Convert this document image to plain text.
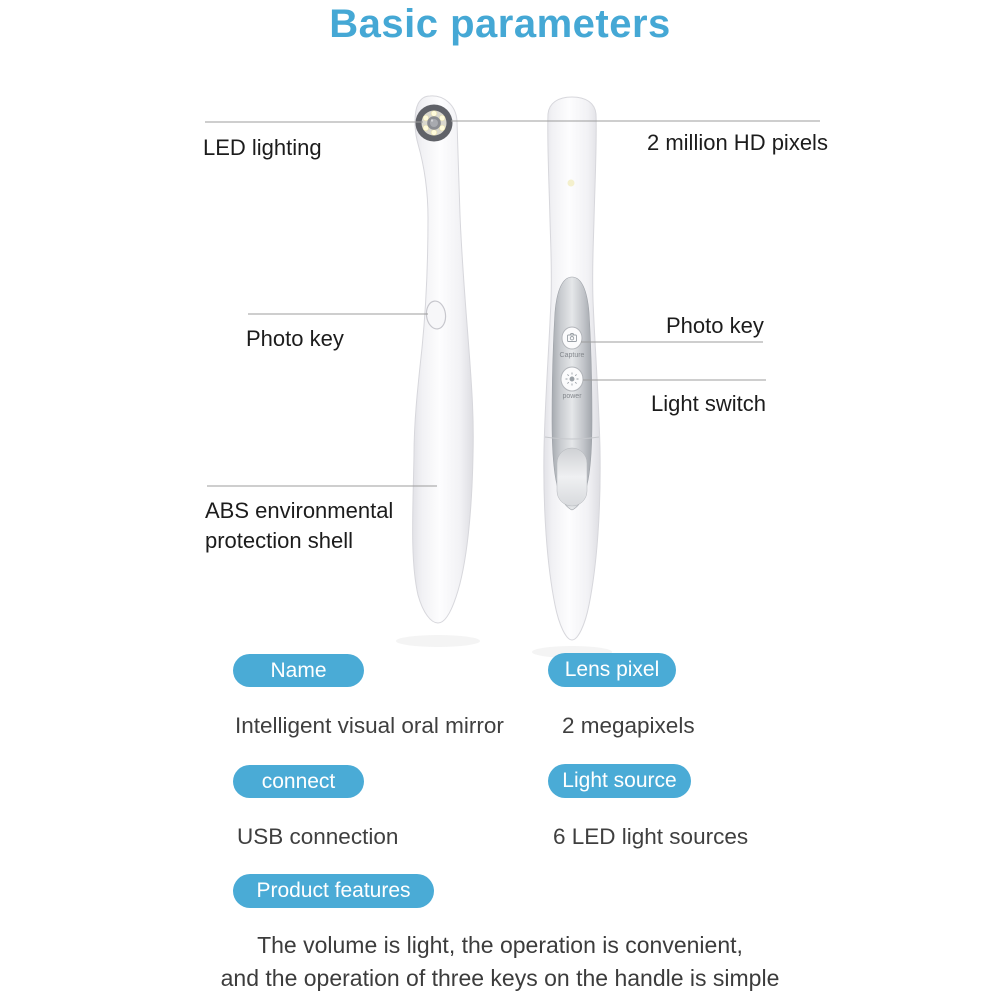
Basic parameters
Capture
power
LED lighting	2 million HD pixels
Photo key
Photo key
Light switch
ABS environmental
protection shell
Name	Lens pixel
Intelligent visual oral mirror	2 megapixels
connect	Light source
USB connection	6 LED light sources
Product features
The volume is light, the operation is convenient,
and the operation of three keys on the handle is simple
